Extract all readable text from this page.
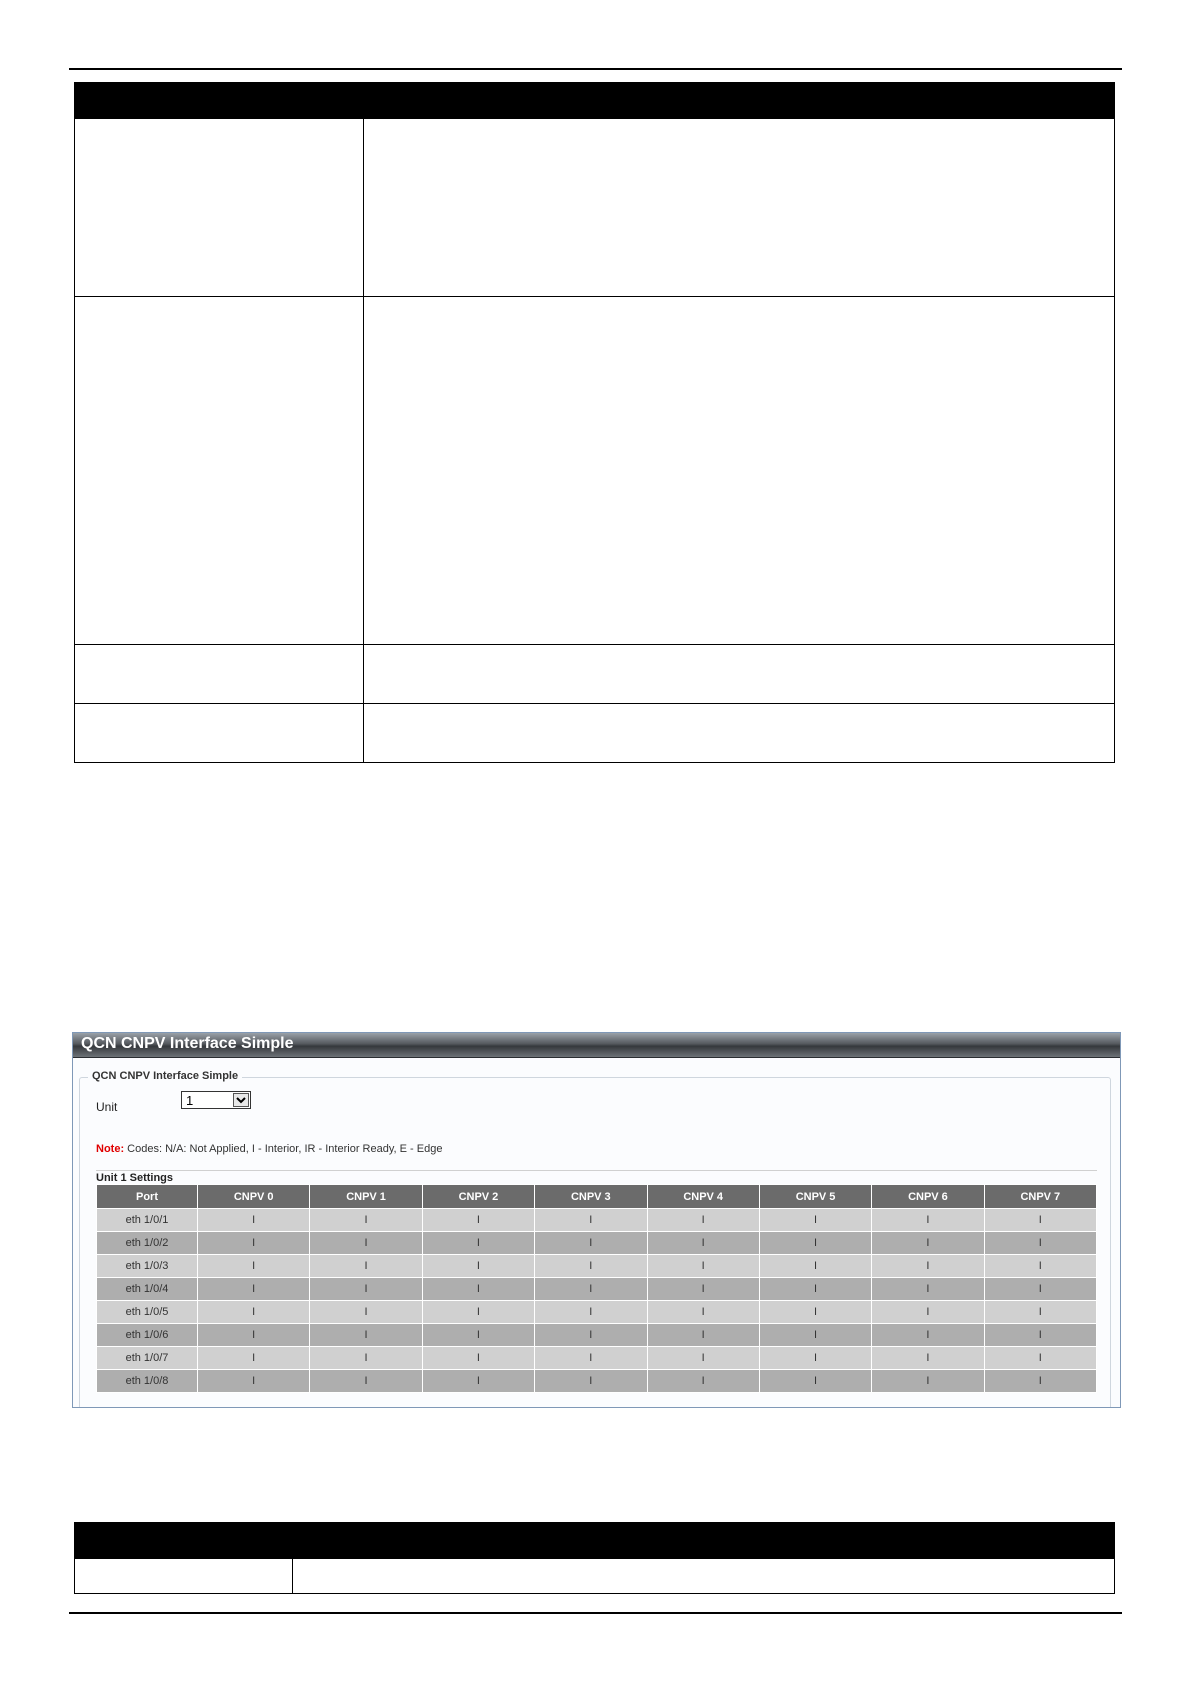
QCN CNPV Interface Simple
QCN CNPV Interface Simple
Unit	1
Note: Codes: N/A: Not Applied, I - Interior, IR - Interior Ready, E - Edge
Unit 1 Settings
Port	CNPV 0	CNPV 1	CNPV 2	CNPV 3	CNPV 4	CNPV 5	CNPV 6	CNPV 7
eth 1/0/1	I	I	I	I	I	I	I	I
eth 1/0/2	I	I	I	I	I	I	I	I
eth 1/0/3	I	I	I	I	I	I	I	I
eth 1/0/4	I	I	I	I	I	I	I	I
eth 1/0/5	I	I	I	I	I	I	I	I
eth 1/0/6	I	I	I	I	I	I	I	I
eth 1/0/7	I	I	I	I	I	I	I	I
eth 1/0/8	I	I	I	I	I	I	I	I
